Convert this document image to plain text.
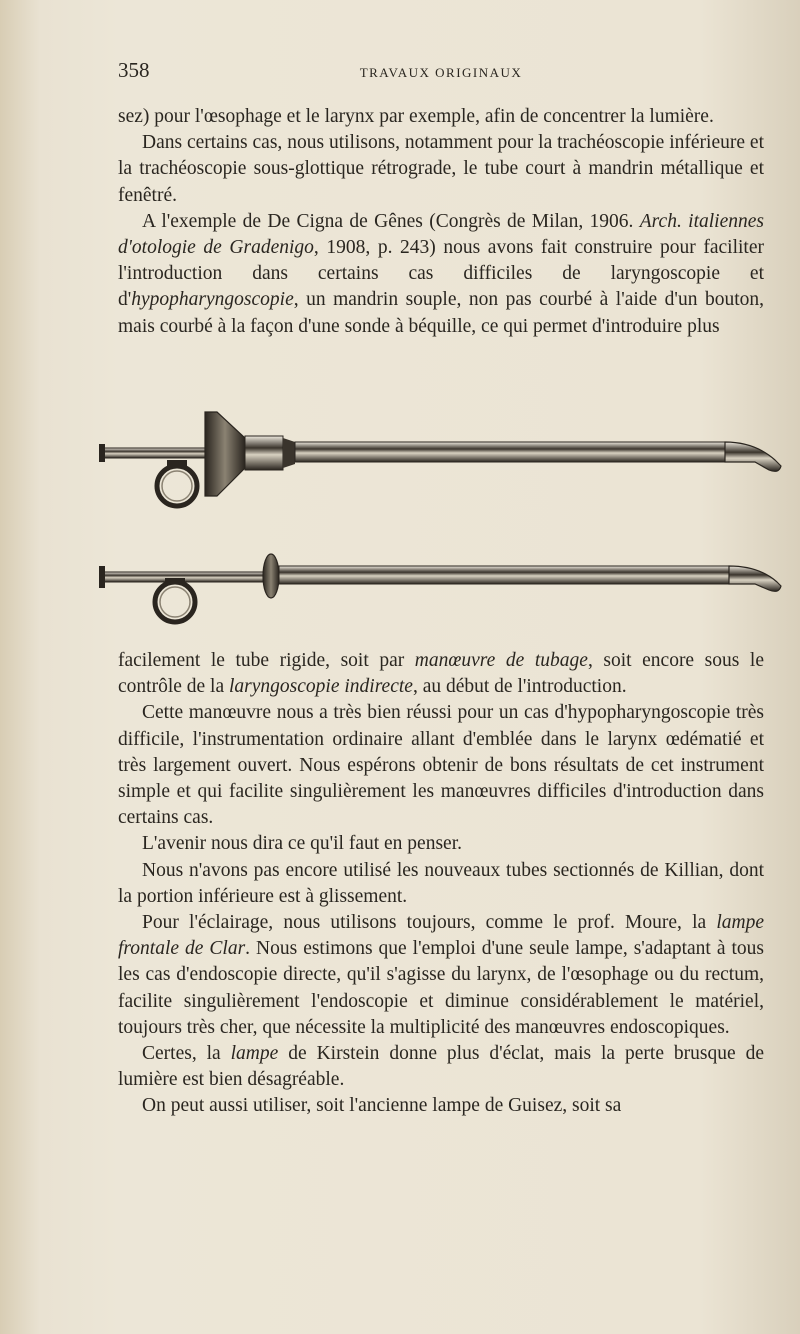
358	TRAVAUX ORIGINAUX

sez) pour l'œsophage et le larynx par exemple, afin de concentrer la lumière.

Dans certains cas, nous utilisons, notamment pour la trachéoscopie inférieure et la trachéoscopie sous-glottique rétrograde, le tube court à mandrin métallique et fenêtré.

A l'exemple de De Cigna de Gênes (Congrès de Milan, 1906. Arch. italiennes d'otologie de Gradenigo, 1908, p. 243) nous avons fait construire pour faciliter l'introduction dans certains cas difficiles de laryngoscopie et d'hypopharyngoscopie, un mandrin souple, non pas courbé à l'aide d'un bouton, mais courbé à la façon d'une sonde à béquille, ce qui permet d'introduire plus

facilement le tube rigide, soit par manœuvre de tubage, soit encore sous le contrôle de la laryngoscopie indirecte, au début de l'introduction.

Cette manœuvre nous a très bien réussi pour un cas d'hypopharyngoscopie très difficile, l'instrumentation ordinaire allant d'emblée dans le larynx œdématié et très largement ouvert. Nous espérons obtenir de bons résultats de cet instrument simple et qui facilite singulièrement les manœuvres difficiles d'introduction dans certains cas.

L'avenir nous dira ce qu'il faut en penser.

Nous n'avons pas encore utilisé les nouveaux tubes sectionnés de Killian, dont la portion inférieure est à glissement.

Pour l'éclairage, nous utilisons toujours, comme le prof. Moure, la lampe frontale de Clar. Nous estimons que l'emploi d'une seule lampe, s'adaptant à tous les cas d'endoscopie directe, qu'il s'agisse du larynx, de l'œsophage ou du rectum, facilite singulièrement l'endoscopie et diminue considérablement le matériel, toujours très cher, que nécessite la multiplicité des manœuvres endoscopiques.

Certes, la lampe de Kirstein donne plus d'éclat, mais la perte brusque de lumière est bien désagréable.

On peut aussi utiliser, soit l'ancienne lampe de Guisez, soit sa
